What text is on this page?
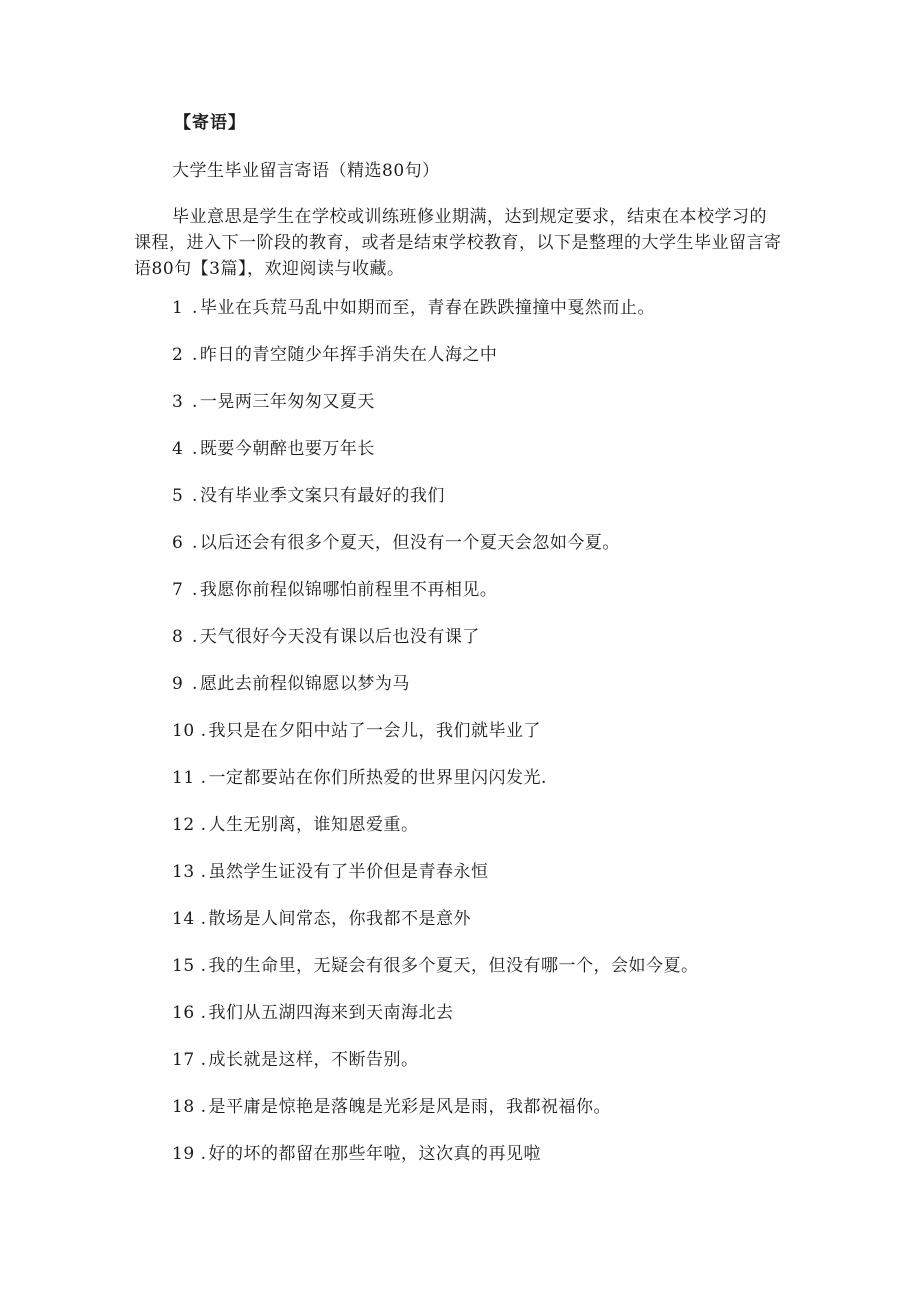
【寄语】
大学生毕业留言寄语（精选80句）
毕业意思是学生在学校或训练班修业期满，达到规定要求，结束在本校学习的课程，进入下一阶段的教育，或者是结束学校教育，以下是整理的大学生毕业留言寄语80句【3篇】，欢迎阅读与收藏。
1 . 毕业在兵荒马乱中如期而至，青春在跌跌撞撞中戛然而止。
2 . 昨日的青空随少年挥手消失在人海之中
3 . 一晃两三年匆匆又夏天
4 . 既要今朝醉也要万年长
5 . 没有毕业季文案只有最好的我们
6 . 以后还会有很多个夏天，但没有一个夏天会忽如今夏。
7 . 我愿你前程似锦哪怕前程里不再相见。
8 . 天气很好今天没有课以后也没有课了
9 . 愿此去前程似锦愿以梦为马
10 . 我只是在夕阳中站了一会儿，我们就毕业了
11 . 一定都要站在你们所热爱的世界里闪闪发光.
12 . 人生无别离，谁知恩爱重。
13 . 虽然学生证没有了半价但是青春永恒
14 . 散场是人间常态，你我都不是意外
15 . 我的生命里，无疑会有很多个夏天，但没有哪一个，会如今夏。
16 . 我们从五湖四海来到天南海北去
17 . 成长就是这样，不断告别。
18 . 是平庸是惊艳是落魄是光彩是风是雨，我都祝福你。
19 . 好的坏的都留在那些年啦，这次真的再见啦
